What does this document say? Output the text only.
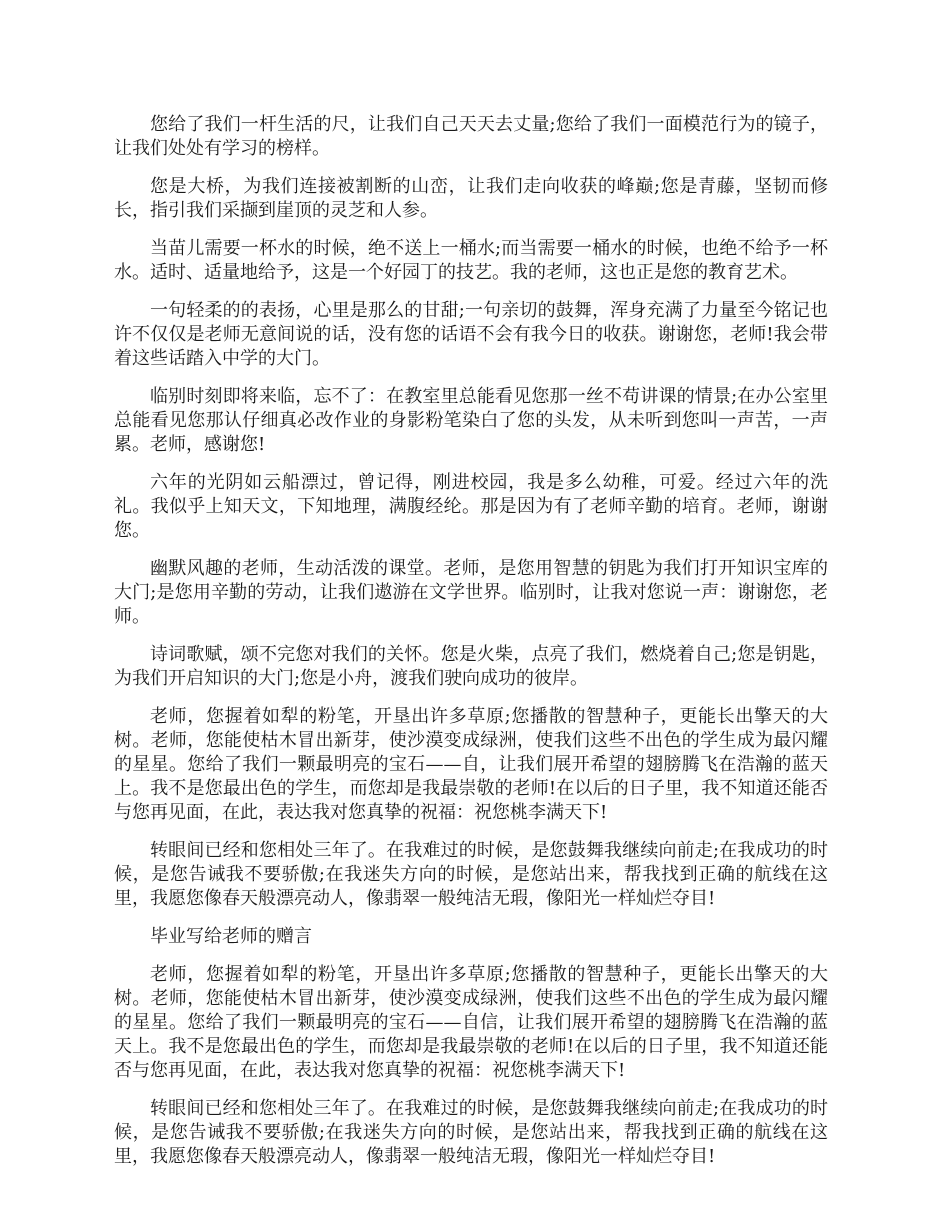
您给了我们一杆生活的尺，让我们自己天天去丈量;您给了我们一面模范行为的镜子，让我们处处有学习的榜样。

您是大桥，为我们连接被割断的山峦，让我们走向收获的峰巅;您是青藤，坚韧而修长，指引我们采撷到崖顶的灵芝和人参。

当苗儿需要一杯水的时候，绝不送上一桶水;而当需要一桶水的时候，也绝不给予一杯水。适时、适量地给予，这是一个好园丁的技艺。我的老师，这也正是您的教育艺术。

一句轻柔的的表扬，心里是那么的甘甜;一句亲切的鼓舞，浑身充满了力量至今铭记也许不仅仅是老师无意间说的话，没有您的话语不会有我今日的收获。谢谢您，老师!我会带着这些话踏入中学的大门。

临别时刻即将来临，忘不了：在教室里总能看见您那一丝不苟讲课的情景;在办公室里总能看见您那认仔细真必改作业的身影粉笔染白了您的头发，从未听到您叫一声苦，一声累。老师，感谢您!

六年的光阴如云船漂过，曾记得，刚进校园，我是多么幼稚，可爱。经过六年的洗礼。我似乎上知天文，下知地理，满腹经纶。那是因为有了老师辛勤的培育。老师，谢谢您。

幽默风趣的老师，生动活泼的课堂。老师，是您用智慧的钥匙为我们打开知识宝库的大门;是您用辛勤的劳动，让我们遨游在文学世界。临别时，让我对您说一声：谢谢您，老师。

诗词歌赋，颂不完您对我们的关怀。您是火柴，点亮了我们，燃烧着自己;您是钥匙，为我们开启知识的大门;您是小舟，渡我们驶向成功的彼岸。

老师，您握着如犁的粉笔，开垦出许多草原;您播散的智慧种子，更能长出擎天的大树。老师，您能使枯木冒出新芽，使沙漠变成绿洲，使我们这些不出色的学生成为最闪耀的星星。您给了我们一颗最明亮的宝石——自，让我们展开希望的翅膀腾飞在浩瀚的蓝天上。我不是您最出色的学生，而您却是我最崇敬的老师!在以后的日子里，我不知道还能否与您再见面，在此，表达我对您真挚的祝福：祝您桃李满天下!

转眼间已经和您相处三年了。在我难过的时候，是您鼓舞我继续向前走;在我成功的时候，是您告诫我不要骄傲;在我迷失方向的时候，是您站出来，帮我找到正确的航线在这里，我愿您像春天般漂亮动人，像翡翠一般纯洁无瑕，像阳光一样灿烂夺目!

毕业写给老师的赠言

老师，您握着如犁的粉笔，开垦出许多草原;您播散的智慧种子，更能长出擎天的大树。老师，您能使枯木冒出新芽，使沙漠变成绿洲，使我们这些不出色的学生成为最闪耀的星星。您给了我们一颗最明亮的宝石——自信，让我们展开希望的翅膀腾飞在浩瀚的蓝天上。我不是您最出色的学生，而您却是我最崇敬的老师!在以后的日子里，我不知道还能否与您再见面，在此，表达我对您真挚的祝福：祝您桃李满天下!

转眼间已经和您相处三年了。在我难过的时候，是您鼓舞我继续向前走;在我成功的时候，是您告诫我不要骄傲;在我迷失方向的时候，是您站出来，帮我找到正确的航线在这里，我愿您像春天般漂亮动人，像翡翠一般纯洁无瑕，像阳光一样灿烂夺目!
